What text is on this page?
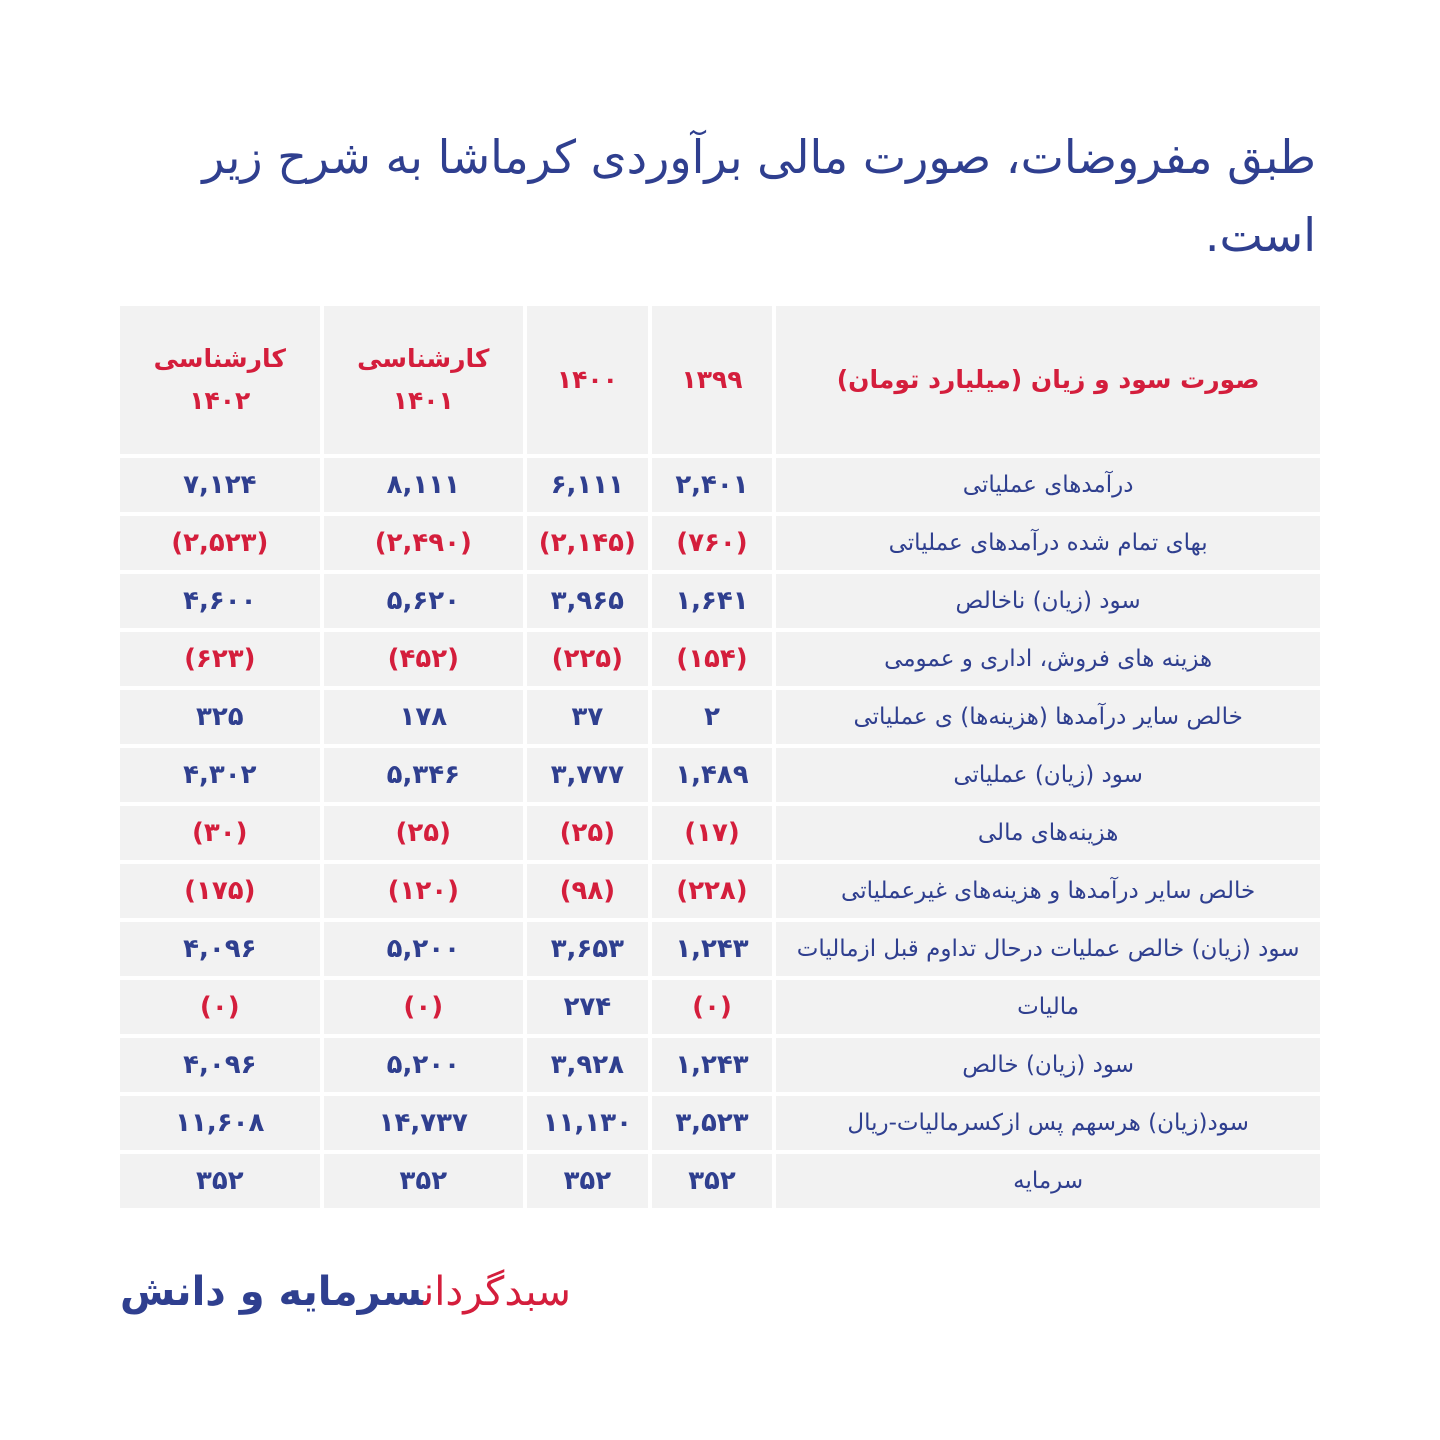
طبق مفروضات، صورت مالی برآوردی کرماشا به شرح زیر است.
صورت سود و زیان (میلیارد تومان)	۱۳۹۹	۱۴۰۰	کارشناسی ۱۴۰۱	کارشناسی ۱۴۰۲
درآمدهای عملیاتی	۲,۴۰۱	۶,۱۱۱	۸,۱۱۱	۷,۱۲۴
بهای تمام شده درآمدهای عملیاتی	(۷۶۰)	(۲,۱۴۵)	(۲,۴۹۰)	(۲,۵۲۳)
سود (زیان) ناخالص	۱,۶۴۱	۳,۹۶۵	۵,۶۲۰	۴,۶۰۰
هزینه های فروش، اداری و عمومی	(۱۵۴)	(۲۲۵)	(۴۵۲)	(۶۲۳)
خالص سایر درآمدها (هزینه‌ها) ی عملیاتی	۲	۳۷	۱۷۸	۳۲۵
سود (زیان) عملیاتی	۱,۴۸۹	۳,۷۷۷	۵,۳۴۶	۴,۳۰۲
هزینه‌های مالی	(۱۷)	(۲۵)	(۲۵)	(۳۰)
خالص سایر درآمدها و هزینه‌های غیرعملیاتی	(۲۲۸)	(۹۸)	(۱۲۰)	(۱۷۵)
سود (زیان) خالص عملیات درحال تداوم قبل ازمالیات	۱,۲۴۳	۳,۶۵۳	۵,۲۰۰	۴,۰۹۶
مالیات	(۰)	۲۷۴	(۰)	(۰)
سود (زیان) خالص	۱,۲۴۳	۳,۹۲۸	۵,۲۰۰	۴,۰۹۶
سود(زیان) هرسهم پس ازکسرمالیات-ریال	۳,۵۲۳	۱۱,۱۳۰	۱۴,۷۳۷	۱۱,۶۰۸
سرمایه	۳۵۲	۳۵۲	۳۵۲	۳۵۲
سبدگردانسرمایه و دانش
